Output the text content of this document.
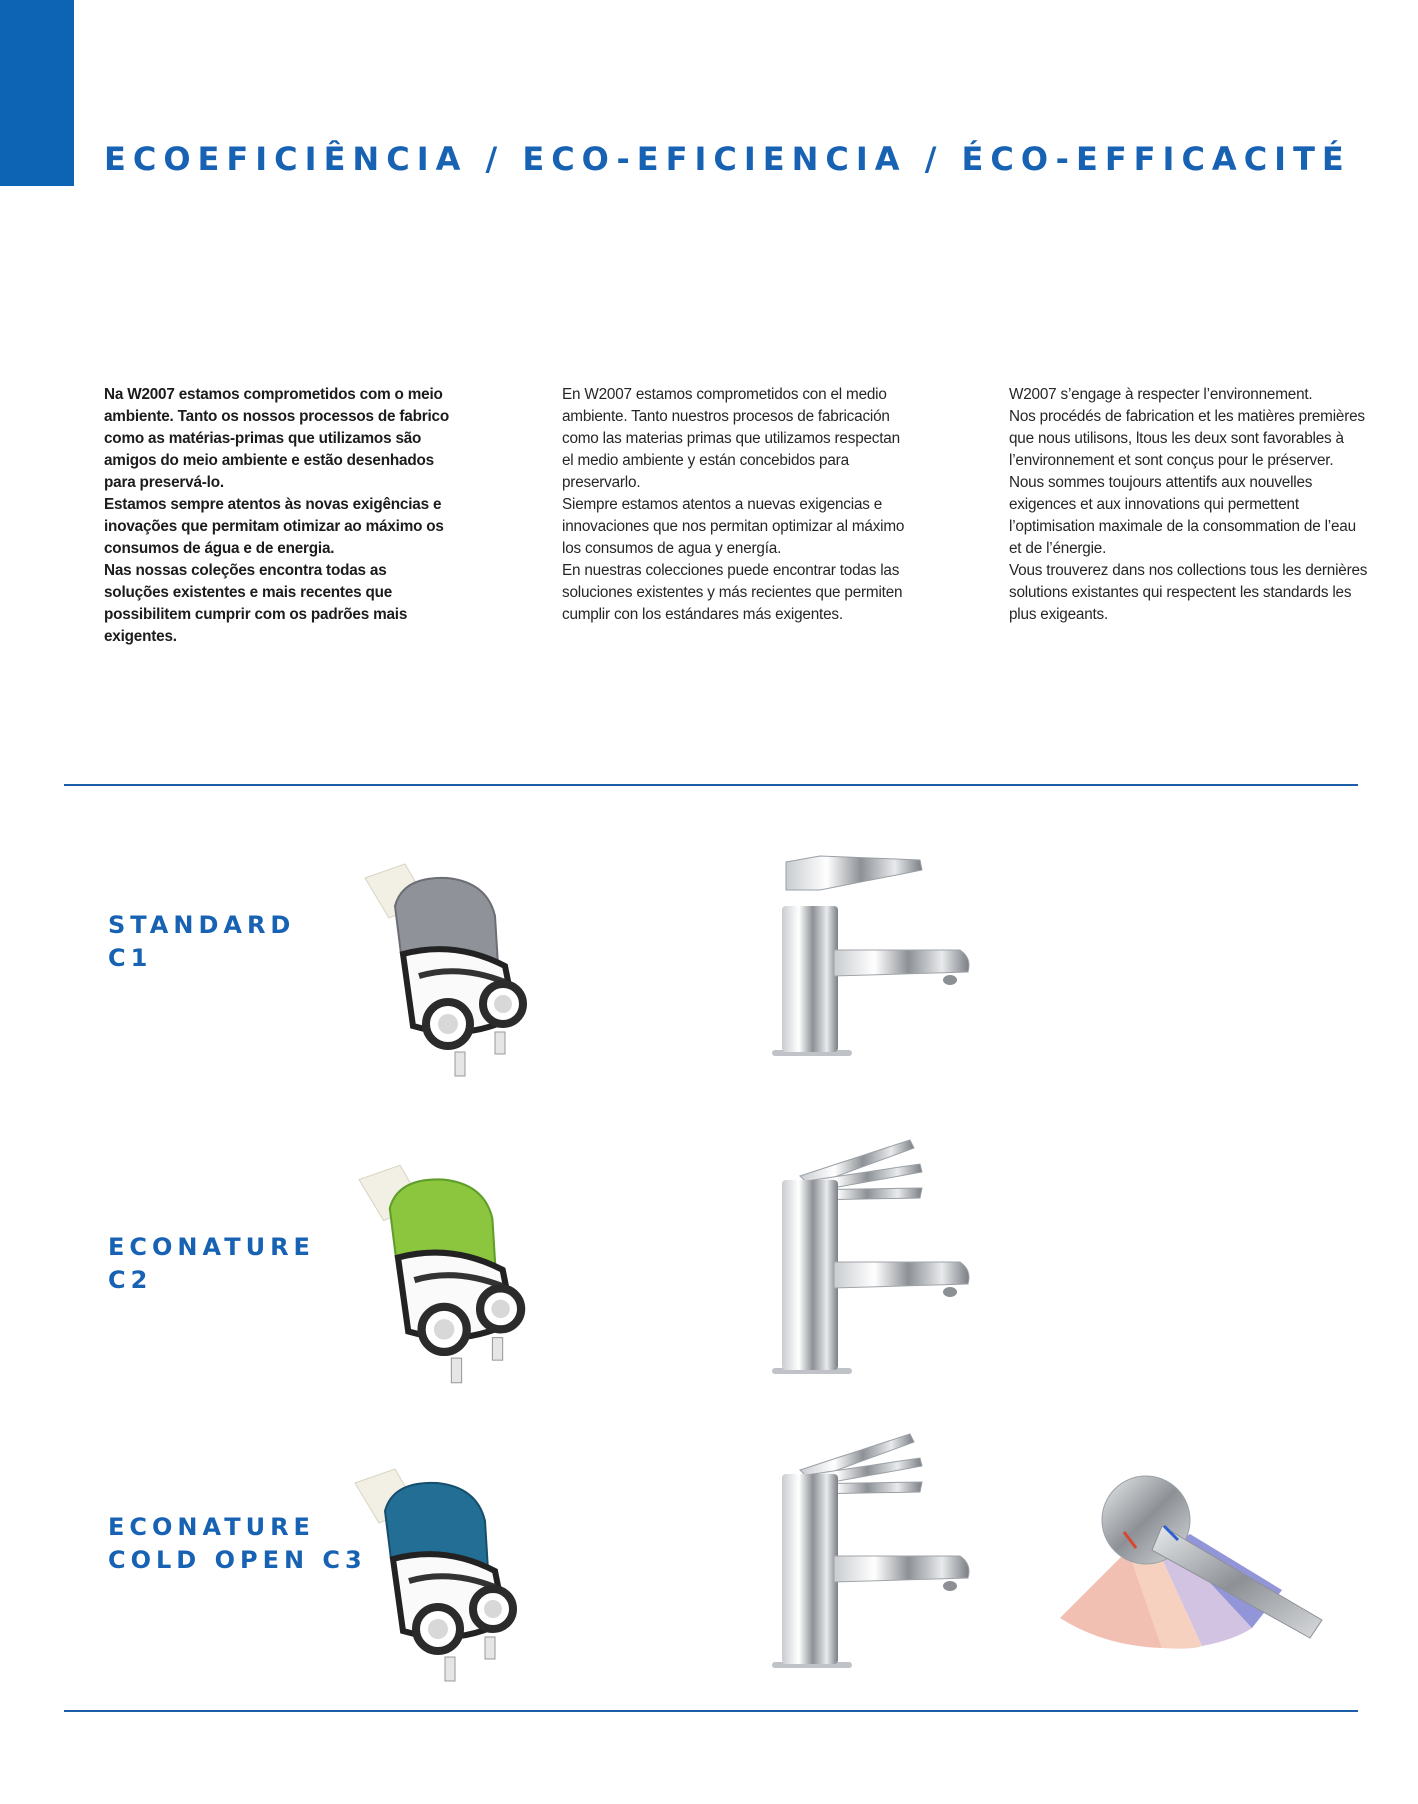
ECOEFICIÊNCIA / ECO-EFICIENCIA / ÉCO-EFFICACITÉ

Na W2007 estamos comprometidos com o meio ambiente. Tanto os nossos processos de fabrico como as matérias-primas que utilizamos são amigos do meio ambiente e estão desenhados para preservá-lo.

Estamos sempre atentos às novas exigências e inovações que permitam otimizar ao máximo os consumos de água e de energia.

Nas nossas coleções encontra todas as soluções existentes e mais recentes que possibilitem cumprir com os padrões mais exigentes.

En W2007 estamos comprometidos con el medio ambiente. Tanto nuestros procesos de fabricación como las materias primas que utilizamos respectan el medio ambiente y están concebidos para preservarlo.

Siempre estamos atentos a nuevas exigencias e innovaciones que nos permitan optimizar al máximo los consumos de agua y energía.

En nuestras colecciones puede encontrar todas las soluciones existentes y más recientes que permiten cumplir con los estándares más exigentes.

W2007 s’engage à respecter l’environnement.

Nos procédés de fabrication et les matières premières que nous utilisons, ltous les deux sont favorables à l’environnement et sont conçus pour le préserver.

Nous sommes toujours attentifs aux nouvelles exigences et aux innovations qui permettent l’optimisation maximale de la consommation de l’eau et de l’énergie.

Vous trouverez dans nos collections tous les dernières solutions existantes qui respectent les standards les plus exigeants.

STANDARD
C1
ECONATURE
C2
ECONATURE
COLD OPEN C3
